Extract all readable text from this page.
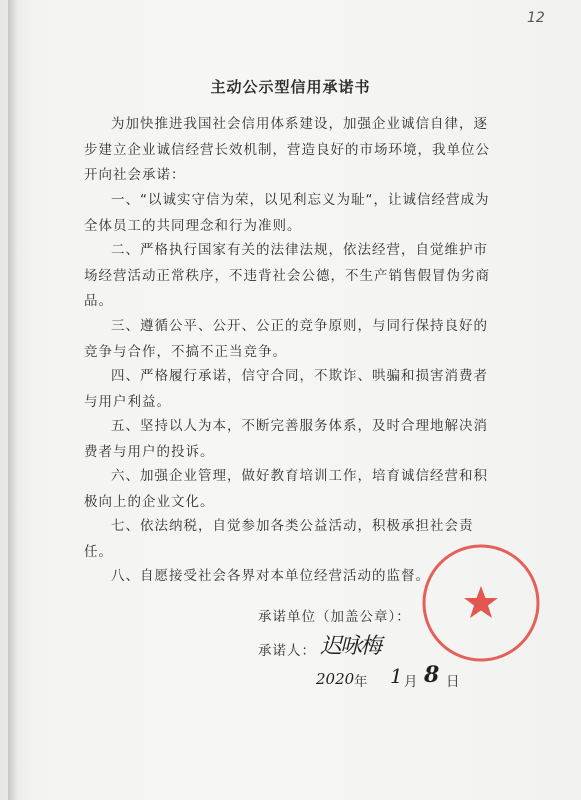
12
主动公示型信用承诺书
为加快推进我国社会信用体系建设，加强企业诚信自律，逐步建立企业诚信经营长效机制，营造良好的市场环境，我单位公开向社会承诺：
一、“以诚实守信为荣，以见利忘义为耻“，让诚信经营成为全体员工的共同理念和行为准则。
二、严格执行国家有关的法律法规，依法经营，自觉维护市场经营活动正常秩序，不违背社会公德，不生产销售假冒伪劣商品。
三、遵循公平、公开、公正的竞争原则，与同行保持良好的竞争与合作，不搞不正当竞争。
四、严格履行承诺，信守合同，不欺诈、哄骗和损害消费者与用户利益。
五、坚持以人为本，不断完善服务体系，及时合理地解决消费者与用户的投诉。
六、加强企业管理，做好教育培训工作，培育诚信经营和积极向上的企业文化。
七、依法纳税，自觉参加各类公益活动，积极承担社会责任。
八、自愿接受社会各界对本单位经营活动的监督。
承诺单位（加盖公章）：
承诺人： 迟咏梅
2020 年 1 月 8 日
